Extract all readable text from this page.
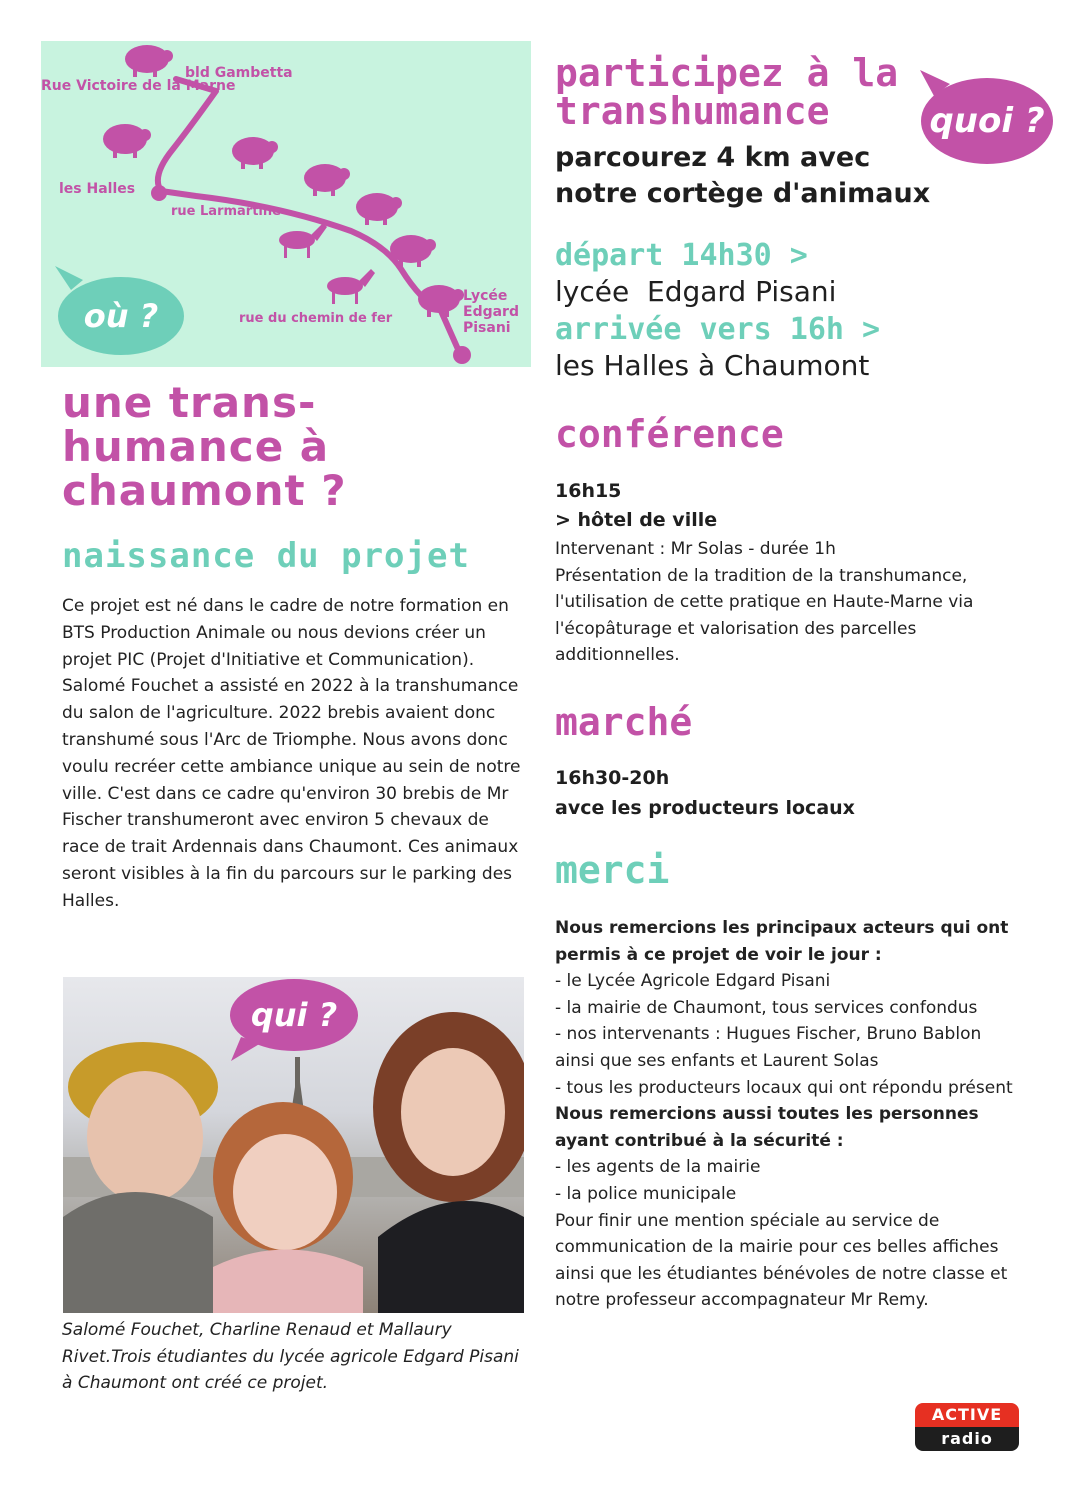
Rue Victoire de la Marne
bld Gambetta
les Halles
rue Larmartine
rue du chemin de fer
Lycée
Edgard
Pisani
où ?
une trans-
humance à
chaumont ?
naissance du projet
Ce projet est né dans le cadre de notre formation en BTS Production Animale ou nous devions créer un projet PIC (Projet d'Initiative et Communication). Salomé Fouchet a assisté en 2022 à la transhumance du salon de l'agriculture. 2022 brebis avaient donc transhumé sous l'Arc de Triomphe. Nous avons donc voulu recréer cette ambiance unique au sein de notre ville. C'est dans ce cadre qu'environ 30 brebis de Mr Fischer transhumeront avec environ 5 chevaux de race de trait Ardennais dans Chaumont. Ces animaux seront visibles à la fin du parcours sur le parking des Halles.
qui ?
Salomé Fouchet, Charline Renaud et Mallaury Rivet.Trois étudiantes du lycée agricole Edgard Pisani à Chaumont ont créé ce projet.
participez à la
transhumance	quoi ?
parcourez 4 km avec
notre cortège d'animaux
départ 14h30 >
lycée  Edgard Pisani
arrivée vers 16h >
les Halles à Chaumont
conférence
16h15
> hôtel de ville
Intervenant : Mr Solas - durée 1h
Présentation de la tradition de la transhumance, l'utilisation de cette pratique en Haute-Marne via l'écopâturage et valorisation des parcelles additionnelles.
marché
16h30-20h
avce les producteurs locaux
merci
Nous remercions les principaux acteurs qui ont permis à ce projet de voir le jour :
- le Lycée Agricole Edgard Pisani
- la mairie de Chaumont, tous services confondus
- nos intervenants : Hugues Fischer, Bruno Bablon ainsi que ses enfants et Laurent Solas
- tous les producteurs locaux qui ont répondu présent
Nous remercions aussi toutes les personnes ayant contribué à la sécurité :
- les agents de la mairie
- la police municipale
Pour finir une mention spéciale au service de communication de la mairie pour ces belles affiches ainsi que les étudiantes bénévoles de notre classe et notre professeur accompagnateur Mr Remy.
ACTIVE
radio
